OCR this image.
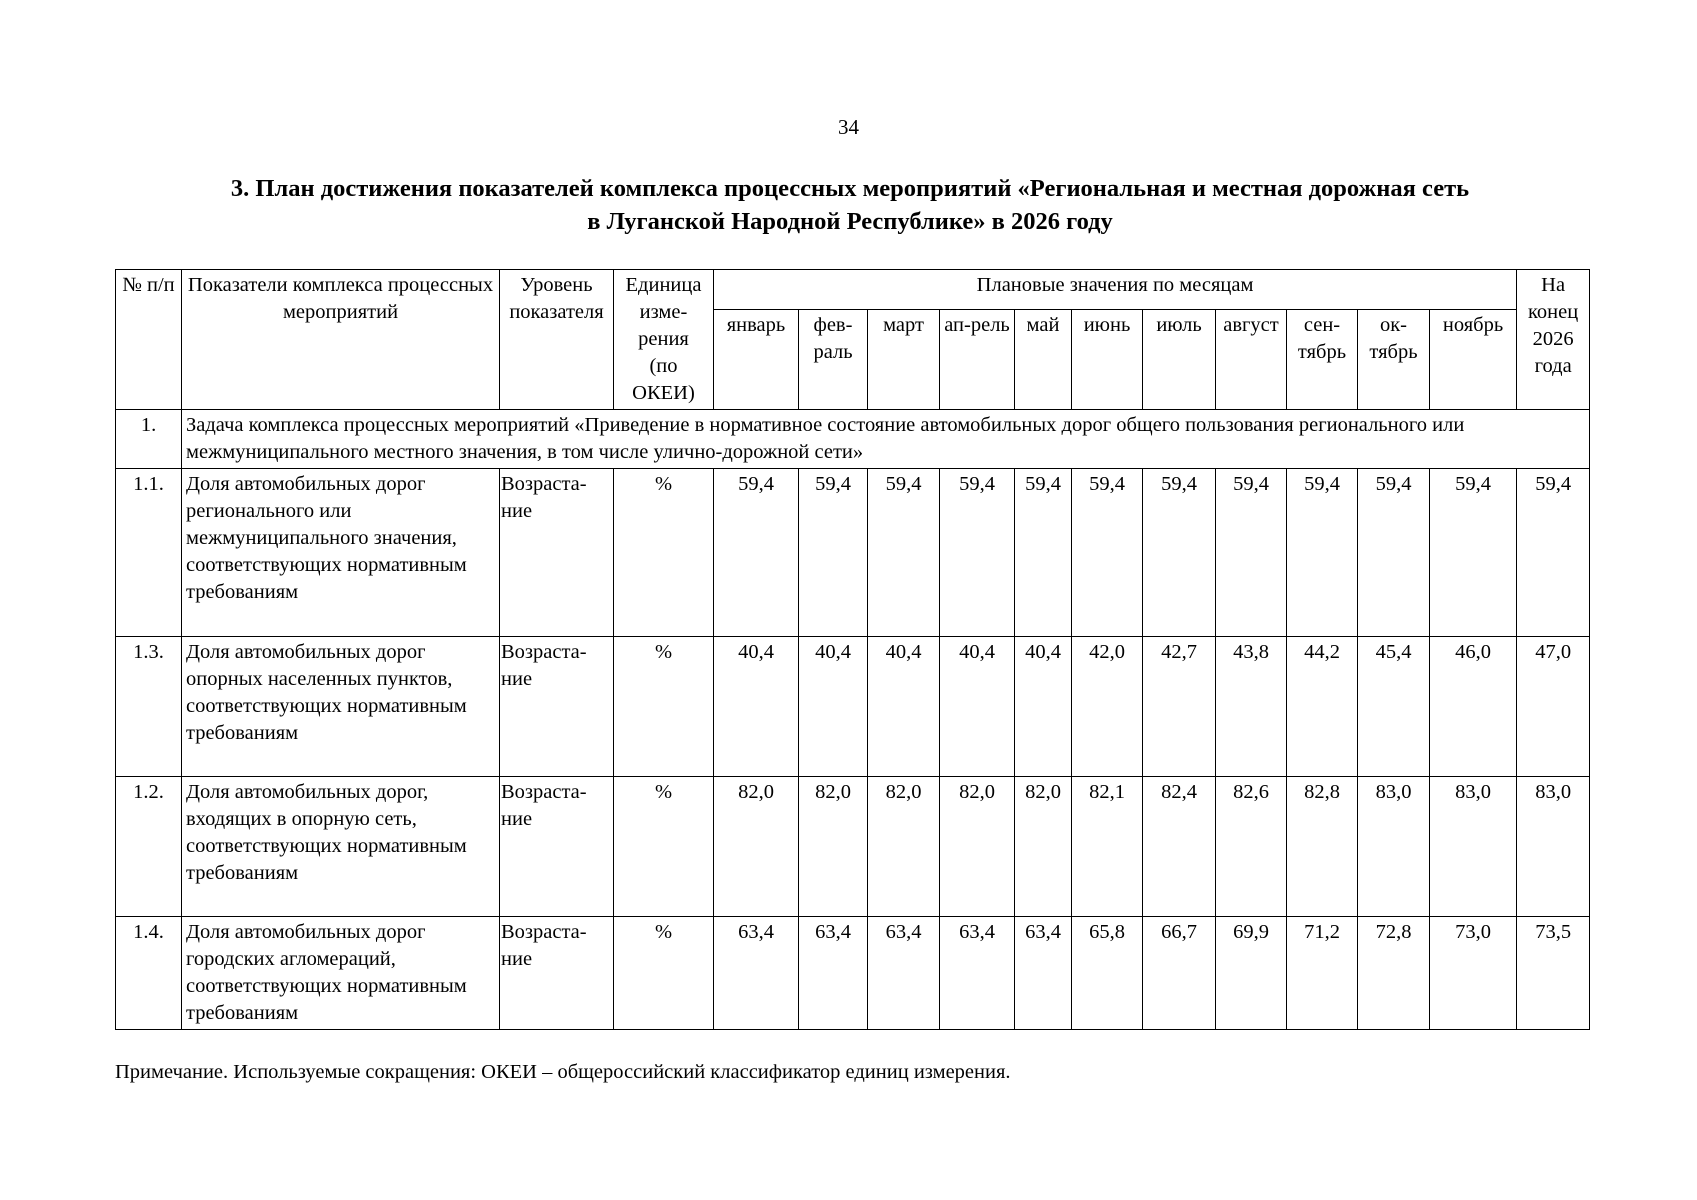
34
3. План достижения показателей комплекса процессных мероприятий «Региональная и местная дорожная сеть
в Луганской Народной Республике» в 2026 году
№ п/п	Показатели комплекса процессных мероприятий	Уровень показателя	Единица изме-рения (по ОКЕИ)	Плановые значения по месяцам											На конец 2026 года
				январь	фев-раль	март	ап-рель	май	июнь	июль	август	сен-тябрь	ок-тябрь	ноябрь	
1.	Задача комплекса процессных мероприятий «Приведение в нормативное состояние автомобильных дорог общего пользования регионального или межмуниципального местного значения, в том числе улично-дорожной сети»														
1.1.	Доля автомобильных дорог регионального или межмуниципального значения, соответствующих нормативным требованиям	Возраста-ние	%	59,4	59,4	59,4	59,4	59,4	59,4	59,4	59,4	59,4	59,4	59,4	59,4
1.3.	Доля автомобильных дорог опорных населенных пунктов, соответствующих нормативным требованиям	Возраста-ние	%	40,4	40,4	40,4	40,4	40,4	42,0	42,7	43,8	44,2	45,4	46,0	47,0
1.2.	Доля автомобильных дорог, входящих в опорную сеть, соответствующих нормативным требованиям	Возраста-ние	%	82,0	82,0	82,0	82,0	82,0	82,1	82,4	82,6	82,8	83,0	83,0	83,0
1.4.	Доля автомобильных дорог городских агломераций, соответствующих нормативным требованиям	Возраста-ние	%	63,4	63,4	63,4	63,4	63,4	65,8	66,7	69,9	71,2	72,8	73,0	73,5
Примечание. Используемые сокращения: ОКЕИ – общероссийский классификатор единиц измерения.
